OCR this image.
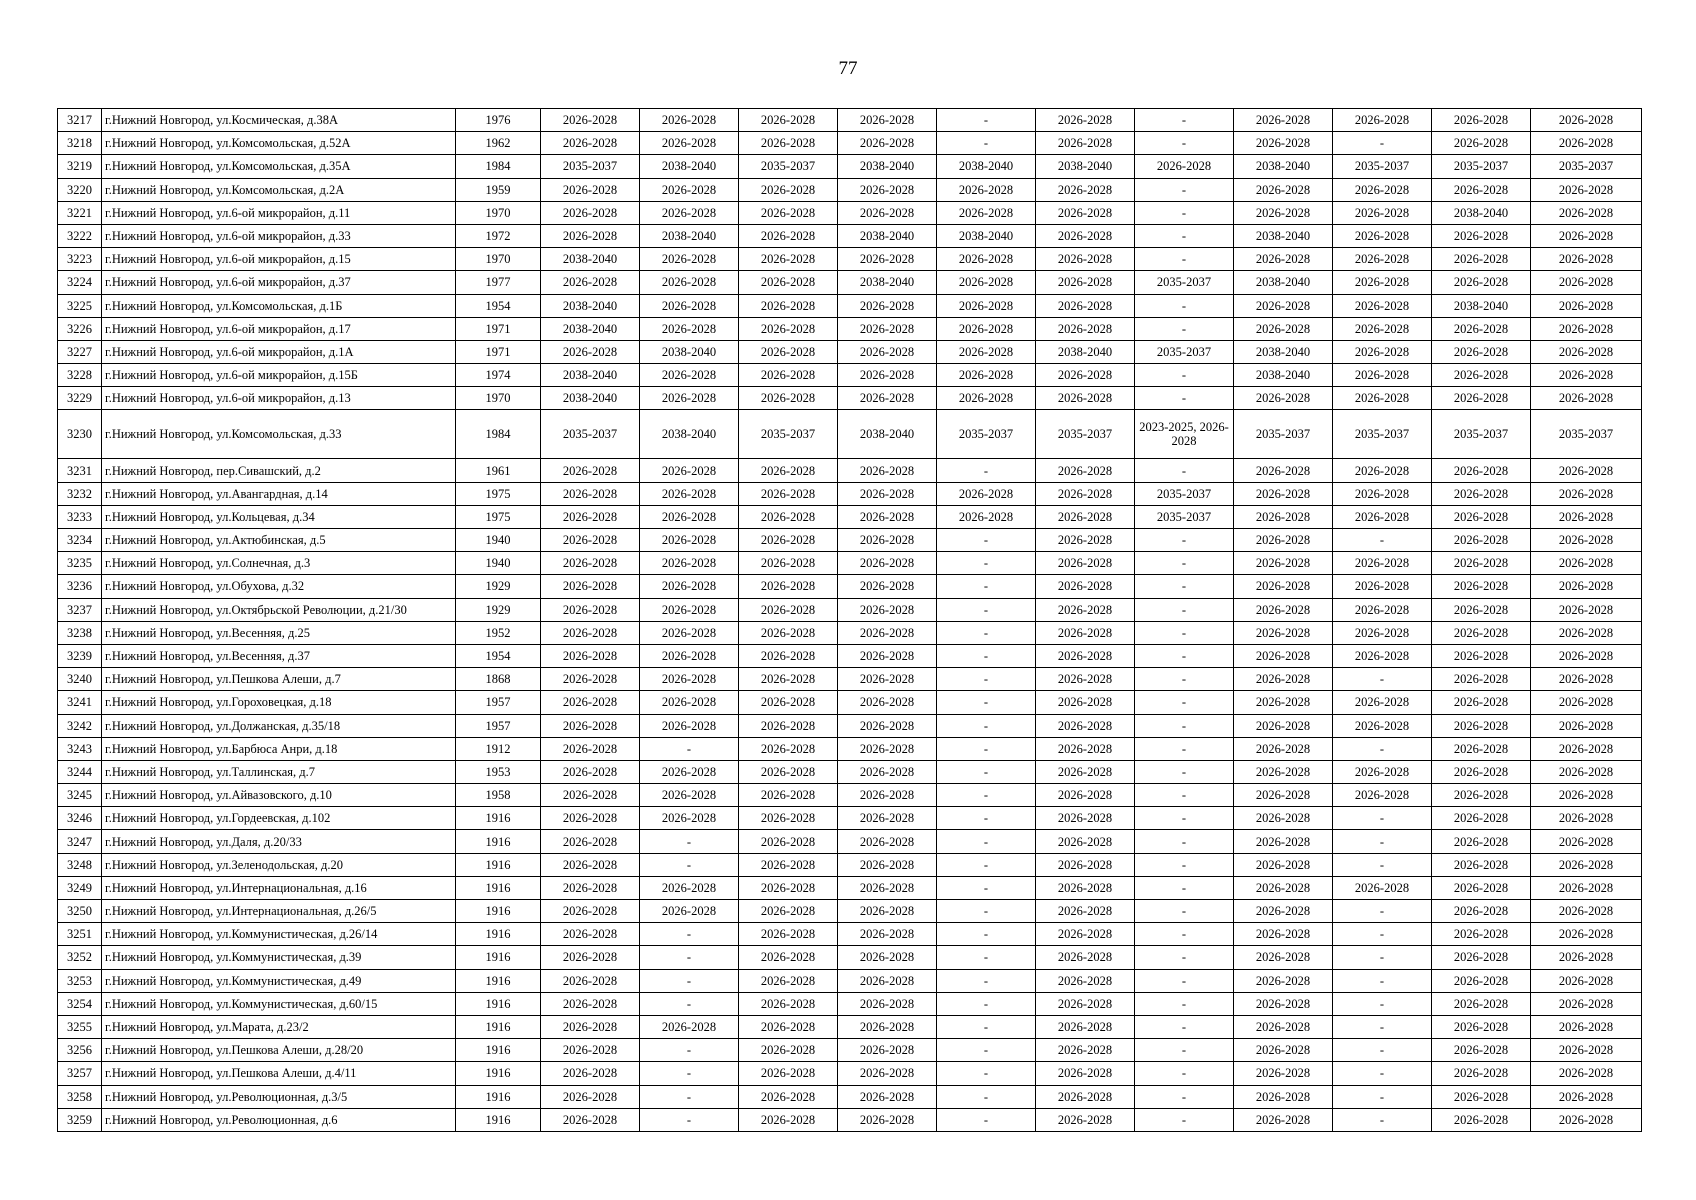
77
3217	г.Нижний Новгород, ул.Космическая, д.38А	1976	2026-2028	2026-2028	2026-2028	2026-2028	-	2026-2028	-	2026-2028	2026-2028	2026-2028	2026-2028
3218	г.Нижний Новгород, ул.Комсомольская, д.52А	1962	2026-2028	2026-2028	2026-2028	2026-2028	-	2026-2028	-	2026-2028	-	2026-2028	2026-2028
3219	г.Нижний Новгород, ул.Комсомольская, д.35А	1984	2035-2037	2038-2040	2035-2037	2038-2040	2038-2040	2038-2040	2026-2028	2038-2040	2035-2037	2035-2037	2035-2037
3220	г.Нижний Новгород, ул.Комсомольская, д.2А	1959	2026-2028	2026-2028	2026-2028	2026-2028	2026-2028	2026-2028	-	2026-2028	2026-2028	2026-2028	2026-2028
3221	г.Нижний Новгород, ул.6-ой микрорайон, д.11	1970	2026-2028	2026-2028	2026-2028	2026-2028	2026-2028	2026-2028	-	2026-2028	2026-2028	2038-2040	2026-2028
3222	г.Нижний Новгород, ул.6-ой микрорайон, д.33	1972	2026-2028	2038-2040	2026-2028	2038-2040	2038-2040	2026-2028	-	2038-2040	2026-2028	2026-2028	2026-2028
3223	г.Нижний Новгород, ул.6-ой микрорайон, д.15	1970	2038-2040	2026-2028	2026-2028	2026-2028	2026-2028	2026-2028	-	2026-2028	2026-2028	2026-2028	2026-2028
3224	г.Нижний Новгород, ул.6-ой микрорайон, д.37	1977	2026-2028	2026-2028	2026-2028	2038-2040	2026-2028	2026-2028	2035-2037	2038-2040	2026-2028	2026-2028	2026-2028
3225	г.Нижний Новгород, ул.Комсомольская, д.1Б	1954	2038-2040	2026-2028	2026-2028	2026-2028	2026-2028	2026-2028	-	2026-2028	2026-2028	2038-2040	2026-2028
3226	г.Нижний Новгород, ул.6-ой микрорайон, д.17	1971	2038-2040	2026-2028	2026-2028	2026-2028	2026-2028	2026-2028	-	2026-2028	2026-2028	2026-2028	2026-2028
3227	г.Нижний Новгород, ул.6-ой микрорайон, д.1А	1971	2026-2028	2038-2040	2026-2028	2026-2028	2026-2028	2038-2040	2035-2037	2038-2040	2026-2028	2026-2028	2026-2028
3228	г.Нижний Новгород, ул.6-ой микрорайон, д.15Б	1974	2038-2040	2026-2028	2026-2028	2026-2028	2026-2028	2026-2028	-	2038-2040	2026-2028	2026-2028	2026-2028
3229	г.Нижний Новгород, ул.6-ой микрорайон, д.13	1970	2038-2040	2026-2028	2026-2028	2026-2028	2026-2028	2026-2028	-	2026-2028	2026-2028	2026-2028	2026-2028
3230	г.Нижний Новгород, ул.Комсомольская, д.33	1984	2035-2037	2038-2040	2035-2037	2038-2040	2035-2037	2035-2037	2023-2025, 2026-2028	2035-2037	2035-2037	2035-2037	2035-2037
3231	г.Нижний Новгород, пер.Сивашский, д.2	1961	2026-2028	2026-2028	2026-2028	2026-2028	-	2026-2028	-	2026-2028	2026-2028	2026-2028	2026-2028
3232	г.Нижний Новгород, ул.Авангардная, д.14	1975	2026-2028	2026-2028	2026-2028	2026-2028	2026-2028	2026-2028	2035-2037	2026-2028	2026-2028	2026-2028	2026-2028
3233	г.Нижний Новгород, ул.Кольцевая, д.34	1975	2026-2028	2026-2028	2026-2028	2026-2028	2026-2028	2026-2028	2035-2037	2026-2028	2026-2028	2026-2028	2026-2028
3234	г.Нижний Новгород, ул.Актюбинская, д.5	1940	2026-2028	2026-2028	2026-2028	2026-2028	-	2026-2028	-	2026-2028	-	2026-2028	2026-2028
3235	г.Нижний Новгород, ул.Солнечная, д.3	1940	2026-2028	2026-2028	2026-2028	2026-2028	-	2026-2028	-	2026-2028	2026-2028	2026-2028	2026-2028
3236	г.Нижний Новгород, ул.Обухова, д.32	1929	2026-2028	2026-2028	2026-2028	2026-2028	-	2026-2028	-	2026-2028	2026-2028	2026-2028	2026-2028
3237	г.Нижний Новгород, ул.Октябрьской Революции, д.21/30	1929	2026-2028	2026-2028	2026-2028	2026-2028	-	2026-2028	-	2026-2028	2026-2028	2026-2028	2026-2028
3238	г.Нижний Новгород, ул.Весенняя, д.25	1952	2026-2028	2026-2028	2026-2028	2026-2028	-	2026-2028	-	2026-2028	2026-2028	2026-2028	2026-2028
3239	г.Нижний Новгород, ул.Весенняя, д.37	1954	2026-2028	2026-2028	2026-2028	2026-2028	-	2026-2028	-	2026-2028	2026-2028	2026-2028	2026-2028
3240	г.Нижний Новгород, ул.Пешкова Алеши, д.7	1868	2026-2028	2026-2028	2026-2028	2026-2028	-	2026-2028	-	2026-2028	-	2026-2028	2026-2028
3241	г.Нижний Новгород, ул.Гороховецкая, д.18	1957	2026-2028	2026-2028	2026-2028	2026-2028	-	2026-2028	-	2026-2028	2026-2028	2026-2028	2026-2028
3242	г.Нижний Новгород, ул.Должанская, д.35/18	1957	2026-2028	2026-2028	2026-2028	2026-2028	-	2026-2028	-	2026-2028	2026-2028	2026-2028	2026-2028
3243	г.Нижний Новгород, ул.Барбюса Анри, д.18	1912	2026-2028	-	2026-2028	2026-2028	-	2026-2028	-	2026-2028	-	2026-2028	2026-2028
3244	г.Нижний Новгород, ул.Таллинская, д.7	1953	2026-2028	2026-2028	2026-2028	2026-2028	-	2026-2028	-	2026-2028	2026-2028	2026-2028	2026-2028
3245	г.Нижний Новгород, ул.Айвазовского, д.10	1958	2026-2028	2026-2028	2026-2028	2026-2028	-	2026-2028	-	2026-2028	2026-2028	2026-2028	2026-2028
3246	г.Нижний Новгород, ул.Гордеевская, д.102	1916	2026-2028	2026-2028	2026-2028	2026-2028	-	2026-2028	-	2026-2028	-	2026-2028	2026-2028
3247	г.Нижний Новгород, ул.Даля, д.20/33	1916	2026-2028	-	2026-2028	2026-2028	-	2026-2028	-	2026-2028	-	2026-2028	2026-2028
3248	г.Нижний Новгород, ул.Зеленодольская, д.20	1916	2026-2028	-	2026-2028	2026-2028	-	2026-2028	-	2026-2028	-	2026-2028	2026-2028
3249	г.Нижний Новгород, ул.Интернациональная, д.16	1916	2026-2028	2026-2028	2026-2028	2026-2028	-	2026-2028	-	2026-2028	2026-2028	2026-2028	2026-2028
3250	г.Нижний Новгород, ул.Интернациональная, д.26/5	1916	2026-2028	2026-2028	2026-2028	2026-2028	-	2026-2028	-	2026-2028	-	2026-2028	2026-2028
3251	г.Нижний Новгород, ул.Коммунистическая, д.26/14	1916	2026-2028	-	2026-2028	2026-2028	-	2026-2028	-	2026-2028	-	2026-2028	2026-2028
3252	г.Нижний Новгород, ул.Коммунистическая, д.39	1916	2026-2028	-	2026-2028	2026-2028	-	2026-2028	-	2026-2028	-	2026-2028	2026-2028
3253	г.Нижний Новгород, ул.Коммунистическая, д.49	1916	2026-2028	-	2026-2028	2026-2028	-	2026-2028	-	2026-2028	-	2026-2028	2026-2028
3254	г.Нижний Новгород, ул.Коммунистическая, д.60/15	1916	2026-2028	-	2026-2028	2026-2028	-	2026-2028	-	2026-2028	-	2026-2028	2026-2028
3255	г.Нижний Новгород, ул.Марата, д.23/2	1916	2026-2028	2026-2028	2026-2028	2026-2028	-	2026-2028	-	2026-2028	-	2026-2028	2026-2028
3256	г.Нижний Новгород, ул.Пешкова Алеши, д.28/20	1916	2026-2028	-	2026-2028	2026-2028	-	2026-2028	-	2026-2028	-	2026-2028	2026-2028
3257	г.Нижний Новгород, ул.Пешкова Алеши, д.4/11	1916	2026-2028	-	2026-2028	2026-2028	-	2026-2028	-	2026-2028	-	2026-2028	2026-2028
3258	г.Нижний Новгород, ул.Революционная, д.3/5	1916	2026-2028	-	2026-2028	2026-2028	-	2026-2028	-	2026-2028	-	2026-2028	2026-2028
3259	г.Нижний Новгород, ул.Революционная, д.6	1916	2026-2028	-	2026-2028	2026-2028	-	2026-2028	-	2026-2028	-	2026-2028	2026-2028
